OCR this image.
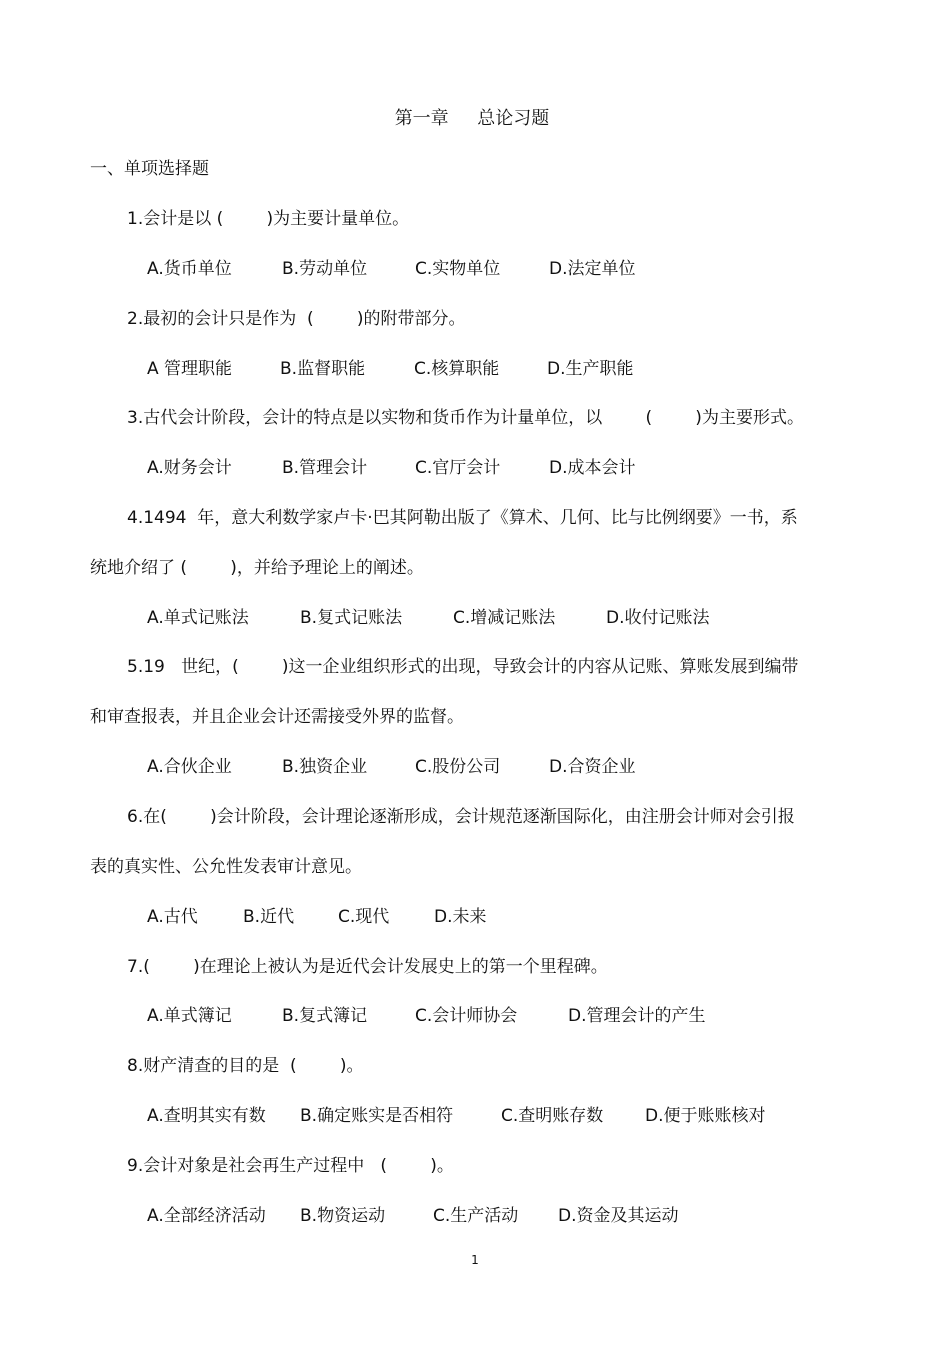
第一章     总论习题
一、单项选择题
1.会计是以 (        )为主要计量单位。
A.货币单位	B.劳动单位	C.实物单位	D.法定单位
2.最初的会计只是作为  (        )的附带部分。
A 管理职能	B.监督职能	C.核算职能	D.生产职能
3.古代会计阶段，会计的特点是以实物和货币作为计量单位，以        (        )为主要形式。
A.财务会计	B.管理会计	C.官厅会计	D.成本会计
4.1494  年，意大利数学家卢卡·巴其阿勒出版了《算术、几何、比与比例纲要》一书，系
统地介绍了 (        )，并给予理论上的阐述。
A.单式记账法	B.复式记账法	C.增减记账法	D.收付记账法
5.19   世纪，(        )这一企业组织形式的出现，导致会计的内容从记账、算账发展到编带
和审查报表，并且企业会计还需接受外界的监督。
A.合伙企业	B.独资企业	C.股份公司	D.合资企业
6.在(        )会计阶段，会计理论逐渐形成，会计规范逐渐国际化，由注册会计师对会引报
表的真实性、公允性发表审计意见。
A.古代	B.近代	C.现代	D.未来
7.(        )在理论上被认为是近代会计发展史上的第一个里程碑。
A.单式簿记	B.复式簿记	C.会计师协会	D.管理会计的产生
8.财产清查的目的是  (        )。
A.查明其实有数 B.确定账实是否相符	C.查明账存数 D.便于账账核对
9.会计对象是社会再生产过程中   (        )。
A.全部经济活动 B.物资运动	C.生产活动 D.资金及其运动
1
